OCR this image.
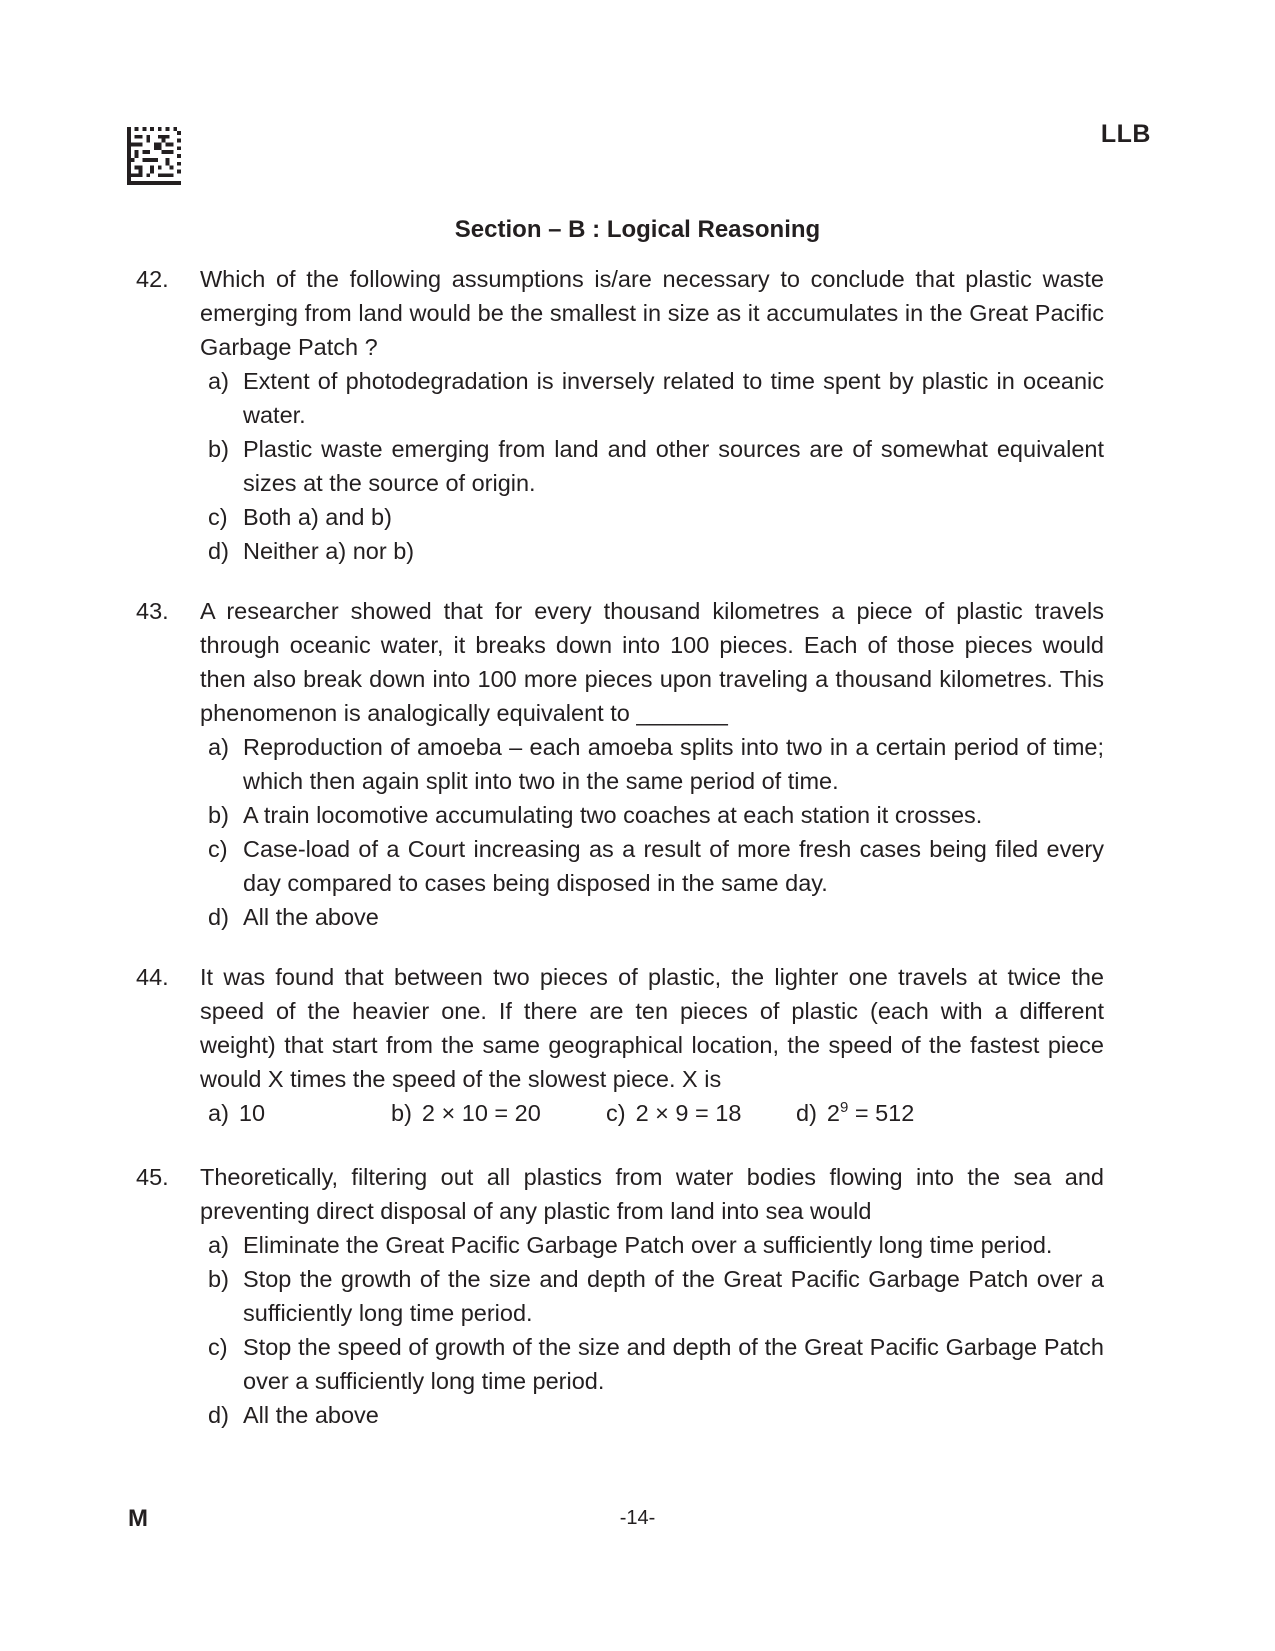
LLB
Section – B : Logical Reasoning
42. Which of the following assumptions is/are necessary to conclude that plastic waste emerging from land would be the smallest in size as it accumulates in the Great Pacific Garbage Patch ?
a) Extent of photodegradation is inversely related to time spent by plastic in oceanic water.
b) Plastic waste emerging from land and other sources are of somewhat equivalent sizes at the source of origin.
c) Both a) and b)
d) Neither a) nor b)
43. A researcher showed that for every thousand kilometres a piece of plastic travels through oceanic water, it breaks down into 100 pieces. Each of those pieces would then also break down into 100 more pieces upon traveling a thousand kilometres. This phenomenon is analogically equivalent to _______
a) Reproduction of amoeba – each amoeba splits into two in a certain period of time; which then again split into two in the same period of time.
b) A train locomotive accumulating two coaches at each station it crosses.
c) Case-load of a Court increasing as a result of more fresh cases being filed every day compared to cases being disposed in the same day.
d) All the above
44. It was found that between two pieces of plastic, the lighter one travels at twice the speed of the heavier one. If there are ten pieces of plastic (each with a different weight) that start from the same geographical location, the speed of the fastest piece would X times the speed of the slowest piece. X is
a) 10	b) 2 × 10 = 20	c) 2 × 9 = 18 d) $2^9 = 512$
45. Theoretically, filtering out all plastics from water bodies flowing into the sea and preventing direct disposal of any plastic from land into sea would
a) Eliminate the Great Pacific Garbage Patch over a sufficiently long time period.
b) Stop the growth of the size and depth of the Great Pacific Garbage Patch over a sufficiently long time period.
c) Stop the speed of growth of the size and depth of the Great Pacific Garbage Patch over a sufficiently long time period.
d) All the above
M	-14-
